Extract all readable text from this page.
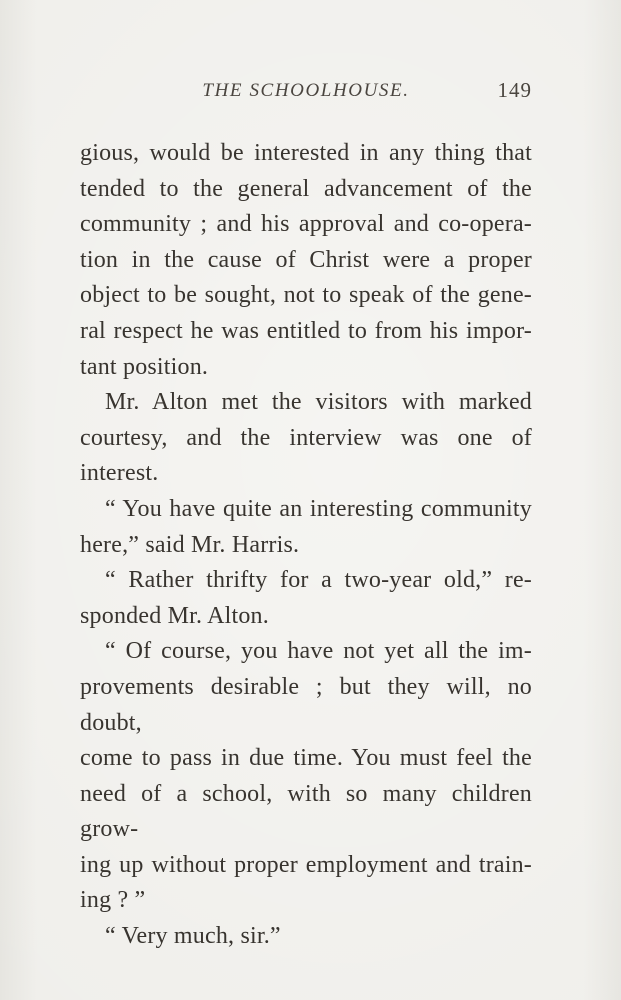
THE SCHOOLHOUSE.	149
gious, would be interested in any thing that
tended to the general advancement of the
community ; and his approval and co-opera-
tion in the cause of Christ were a proper
object to be sought, not to speak of the gene-
ral respect he was entitled to from his impor-
tant position.
Mr. Alton met the visitors with marked
courtesy, and the interview was one of
interest.
“ You have quite an interesting community
here,” said Mr. Harris.
“ Rather thrifty for a two-year old,” re-
sponded Mr. Alton.
“ Of course, you have not yet all the im-
provements desirable ; but they will, no doubt,
come to pass in due time. You must feel the
need of a school, with so many children grow-
ing up without proper employment and train-
ing ? ”
“ Very much, sir.”
